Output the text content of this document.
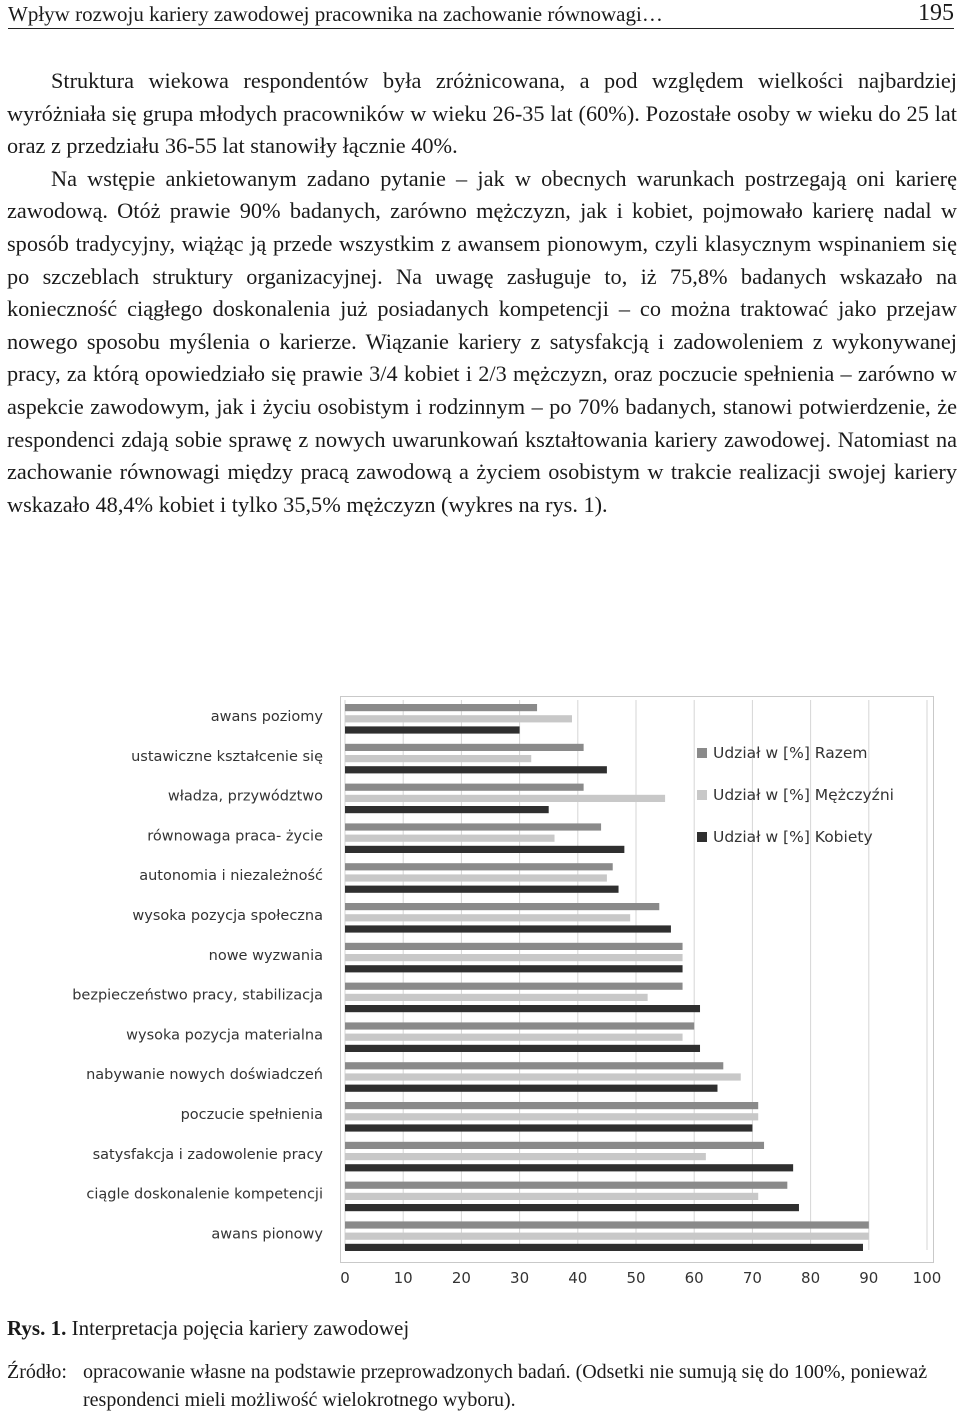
Wpływ rozwoju kariery zawodowej pracownika na zachowanie równowagi…	195

Struktura wiekowa respondentów była zróżnicowana, a pod względem wielkości najbardziej wyróżniała się grupa młodych pracowników w wieku 26-35 lat (60%). Pozostałe osoby w wieku do 25 lat oraz z przedziału 36-55 lat stanowiły łącznie 40%.

Na wstępie ankietowanym zadano pytanie – jak w obecnych warunkach postrzegają oni karierę zawodową. Otóż prawie 90% badanych, zarówno mężczyzn, jak i kobiet, pojmowało karierę nadal w sposób tradycyjny, wiążąc ją przede wszystkim z awansem pionowym, czyli klasycznym wspinaniem się po szczeblach struktury organizacyjnej. Na uwagę zasługuje to, iż 75,8% badanych wskazało na konieczność ciągłego doskonalenia już posiadanych kompetencji – co można traktować jako przejaw nowego sposobu myślenia o karierze. Wiązanie kariery z satysfakcją i zadowoleniem z wykonywanej pracy, za którą opowiedziało się prawie 3/4 kobiet i 2/3 mężczyzn, oraz poczucie spełnienia – zarówno w aspekcie zawodowym, jak i życiu osobistym i rodzinnym – po 70% badanych, stanowi potwierdzenie, że respondenci zdają sobie sprawę z nowych uwarunkowań kształtowania kariery zawodowej. Natomiast na zachowanie równowagi między pracą zawodową a życiem osobistym w trakcie realizacji swojej kariery wskazało 48,4% kobiet i tylko 35,5% mężczyzn (wykres na rys. 1).

awans poziomy
ustawiczne kształcenie się
władza, przywództwo
równowaga praca- życie
autonomia i niezależność
wysoka pozycja społeczna
nowe wyzwania
bezpieczeństwo pracy, stabilizacja
wysoka pozycja materialna
nabywanie nowych doświadczeń
poczucie spełnienia
satysfakcja i zadowolenie pracy
ciągle doskonalenie kompetencji
awans pionowy
0	10	20	30	40	50	60	70	80	90 100
Udział w [%] Razem
Udział w [%] Mężczyźni
Udział w [%] Kobiety
Rys. 1. Interpretacja pojęcia kariery zawodowej
Źródło: opracowanie własne na podstawie przeprowadzonych badań. (Odsetki nie sumują się do 100%, ponieważ respondenci mieli możliwość wielokrotnego wyboru).
